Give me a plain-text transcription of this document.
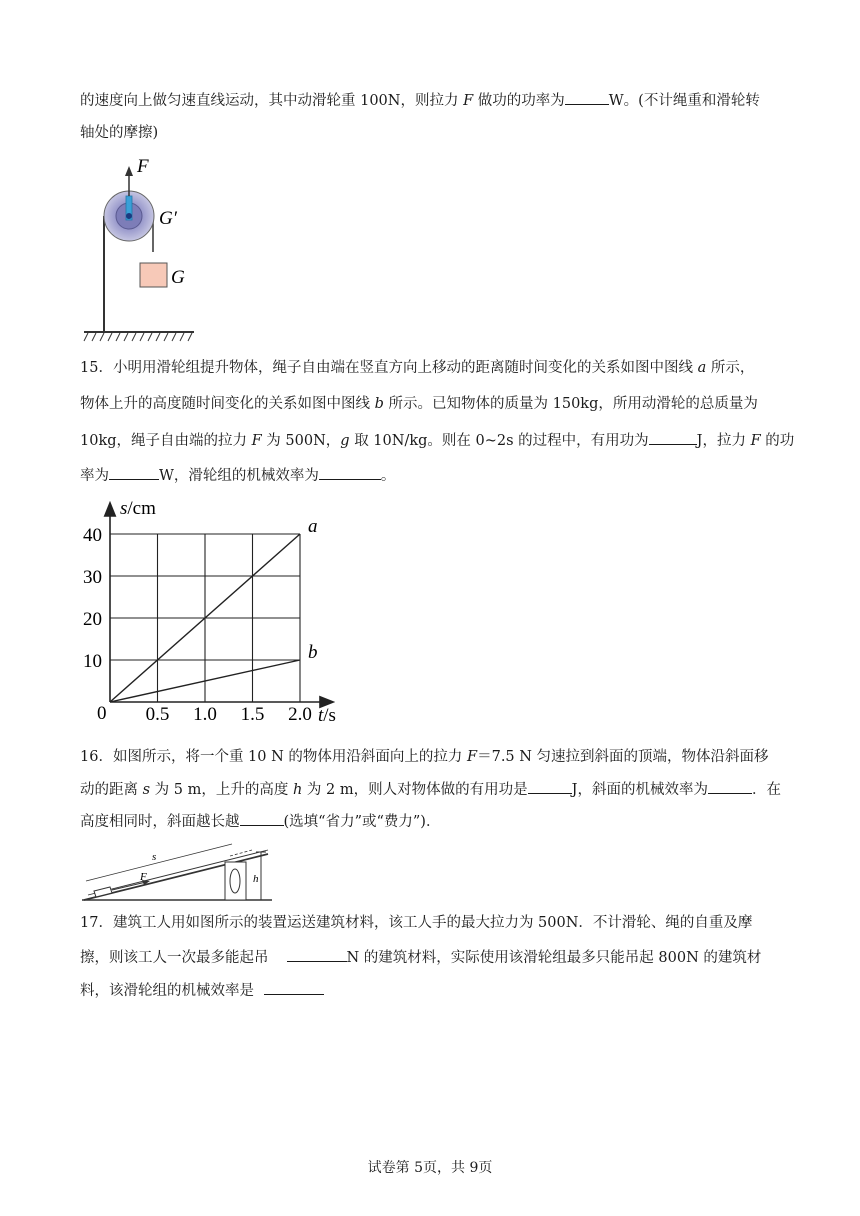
的速度向上做匀速直线运动，其中动滑轮重 100N，则拉力 F 做功的功率为	W。(不计绳重和滑轮转
轴处的摩擦)
F
G′
G
15．小明用滑轮组提升物体，绳子自由端在竖直方向上移动的距离随时间变化的关系如图中图线 a 所示，
物体上升的高度随时间变化的关系如图中图线 b 所示。已知物体的质量为 150kg，所用动滑轮的总质量为
10kg，绳子自由端的拉力 F 为 500N，g 取 10N/kg。则在 0~2s 的过程中，有用功为	J，拉力 F 的功
率为	W，滑轮组的机械效率为	。
a
b
0.5 1.0 1.5 2.0
10
20
30
40
s/cm
t/s
0
16．如图所示，将一个重 10 N 的物体用沿斜面向上的拉力 F＝7.5 N 匀速拉到斜面的顶端，物体沿斜面移
动的距离 s 为 5 m，上升的高度 h 为 2 m，则人对物体做的有用功是	J，斜面的机械效率为	．在
高度相同时，斜面越长越	(选填“省力”或“费力”)．
h
s
F
17．建筑工人用如图所示的装置运送建筑材料，该工人手的最大拉力为 500N．不计滑轮、绳的自重及摩
擦，则该工人一次最多能起吊	N 的建筑材料，实际使用该滑轮组最多只能吊起 800N 的建筑材
料，该滑轮组的机械效率是
试卷第 5页，共 9页
